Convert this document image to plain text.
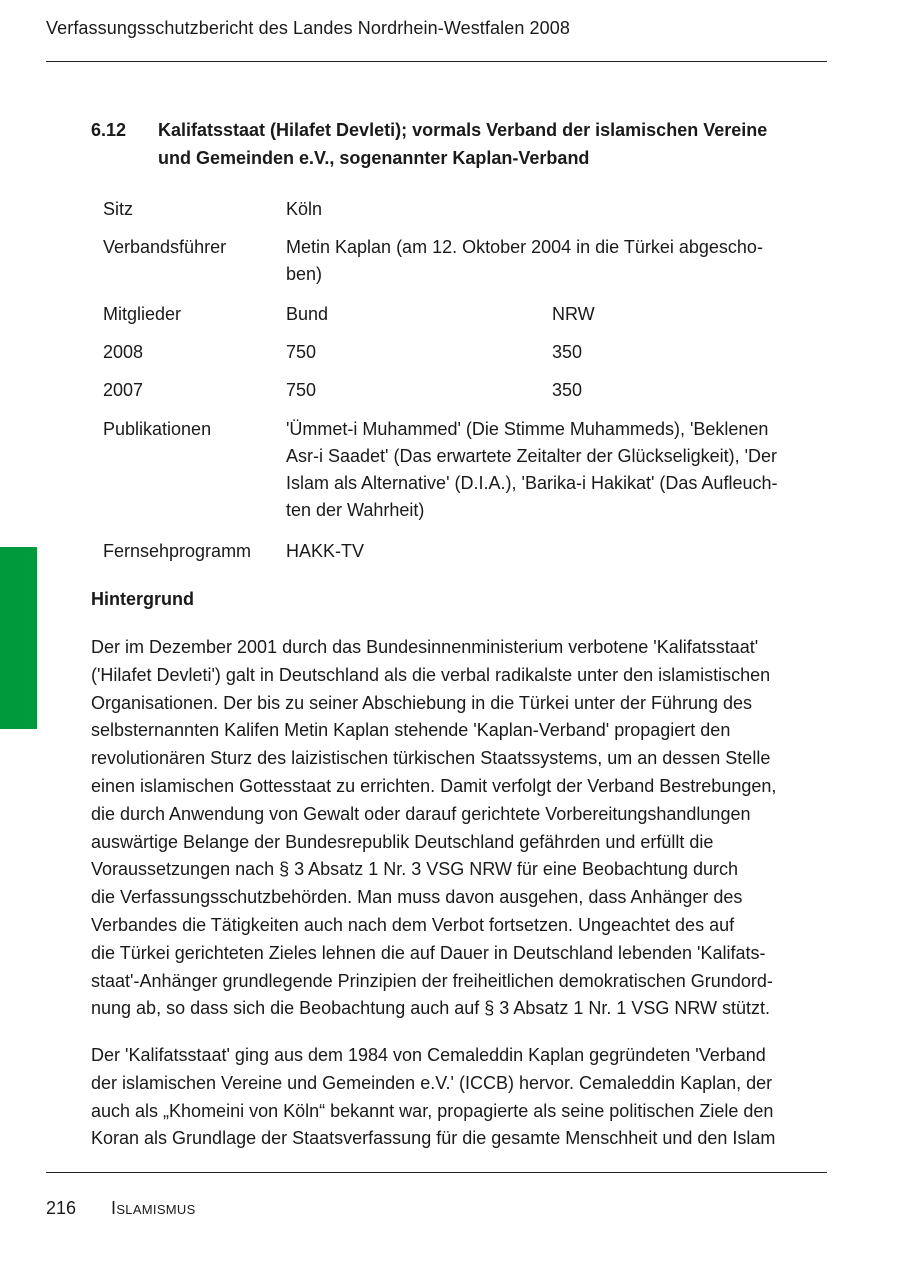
Verfassungsschutzbericht des Landes Nordrhein-Westfalen 2008
6.12 Kalifatsstaat (Hilafet Devleti); vormals Verband der islamischen Vereine
und Gemeinden e.V., sogenannter Kaplan-Verband
Sitz	Köln
Verbandsführer	Metin Kaplan (am 12. Oktober 2004 in die Türkei abgescho-
ben)
Mitglieder	Bund	NRW
2008	750	350
2007	750	350
Publikationen	'Ümmet-i Muhammed' (Die Stimme Muhammeds), 'Beklenen
Asr-i Saadet' (Das erwartete Zeitalter der Glückseligkeit), 'Der
Islam als Alternative' (D.I.A.), 'Barika-i Hakikat' (Das Aufleuch-
ten der Wahrheit)
Fernsehprogramm HAKK-TV
Hintergrund
Der im Dezember 2001 durch das Bundesinnenministerium verbotene 'Kalifatsstaat'
('Hilafet Devleti') galt in Deutschland als die verbal radikalste unter den islamistischen
Organisationen. Der bis zu seiner Abschiebung in die Türkei unter der Führung des
selbsternannten Kalifen Metin Kaplan stehende 'Kaplan-Verband' propagiert den
revolutionären Sturz des laizistischen türkischen Staatssystems, um an dessen Stelle
einen islamischen Gottesstaat zu errichten. Damit verfolgt der Verband Bestrebungen,
die durch Anwendung von Gewalt oder darauf gerichtete Vorbereitungshandlungen
auswärtige Belange der Bundesrepublik Deutschland gefährden und erfüllt die
Voraussetzungen nach § 3 Absatz 1 Nr. 3 VSG NRW für eine Beobachtung durch
die Verfassungsschutzbehörden. Man muss davon ausgehen, dass Anhänger des
Verbandes die Tätigkeiten auch nach dem Verbot fortsetzen. Ungeachtet des auf
die Türkei gerichteten Zieles lehnen die auf Dauer in Deutschland lebenden 'Kalifats-
staat'-Anhänger grundlegende Prinzipien der freiheitlichen demokratischen Grundord-
nung ab, so dass sich die Beobachtung auch auf § 3 Absatz 1 Nr. 1 VSG NRW stützt.
Der 'Kalifatsstaat' ging aus dem 1984 von Cemaleddin Kaplan gegründeten 'Verband
der islamischen Vereine und Gemeinden e.V.' (ICCB) hervor. Cemaleddin Kaplan, der
auch als „Khomeini von Köln“ bekannt war, propagierte als seine politischen Ziele den
Koran als Grundlage der Staatsverfassung für die gesamte Menschheit und den Islam
216 Islamismus
